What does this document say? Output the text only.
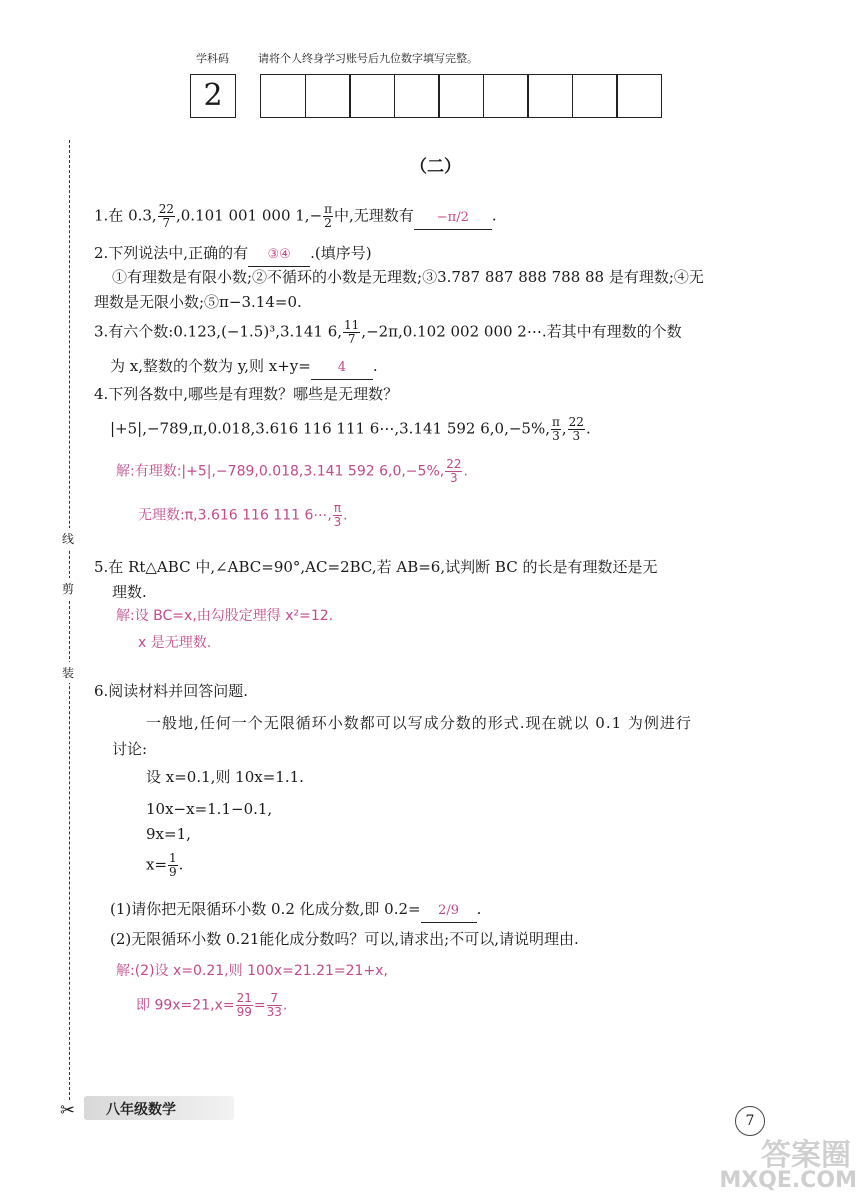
学科码	请将个人终身学习账号后九位数字填写完整。
2
线
剪
装
（二）
1.在 0.3, $\frac{22}{7} ,0.101$ 001 000 $1,- \frac{\pi}{2}$ 中,无理数有 −π/2 .
2.下列说法中,正确的有 ③④ .(填序号)
①有理数是有限小数;②不循环的小数是无理数;③3.787 887 888 788 88 是有理数;④无
理数是无限小数;⑤π−3.14=0.
3.有六个数:0.123,(−1.5)³,3.141 6, $\frac{11}{7} ,-2\pi,0.102$ 002 000 2⋯.若其中有理数的个数
为 x,整数的个数为 y,则 x+y= 4 .
4.下列各数中,哪些是有理数？哪些是无理数？
|+5|,−789,π,0.018,3.616 116 111 6⋯,3.141 592 6,0,−5%, $\frac{\pi}{3}$ , $\frac{22}{3}$ .
解:有理数:|+5|,−789,0.018,3.141 592 6,0,−5%, $\frac{22}{3}$ .
无理数:π,3.616 116 111 6⋯, $\frac{\pi}{3}$ .
5.在 Rt△ABC 中,∠ABC=90°,AC=2BC,若 AB=6,试判断 BC 的长是有理数还是无
理数.
解:设 BC=x,由勾股定理得 x²=12.
x 是无理数.
6.阅读材料并回答问题.
一般地,任何一个无限循环小数都可以写成分数的形式.现在就以 0.1 为例进行
讨论:
设 x=0.1,则 10x=1.1.
10x−x=1.1−0.1,
9x=1,
$x= \frac{1}{9}$ .
(1)请你把无限循环小数 0.2 化成分数,即 0.2= 2/9 .
(2)无限循环小数 0.21能化成分数吗？可以,请求出;不可以,请说明理由.
解:(2)设 x=0.21,则 100x=21.21=21+x,
即 $99x=21,x= \frac{21}{99} = \frac{7}{33}$ .
✂ 八年级数学
7
答案圈
MXQE.COM
